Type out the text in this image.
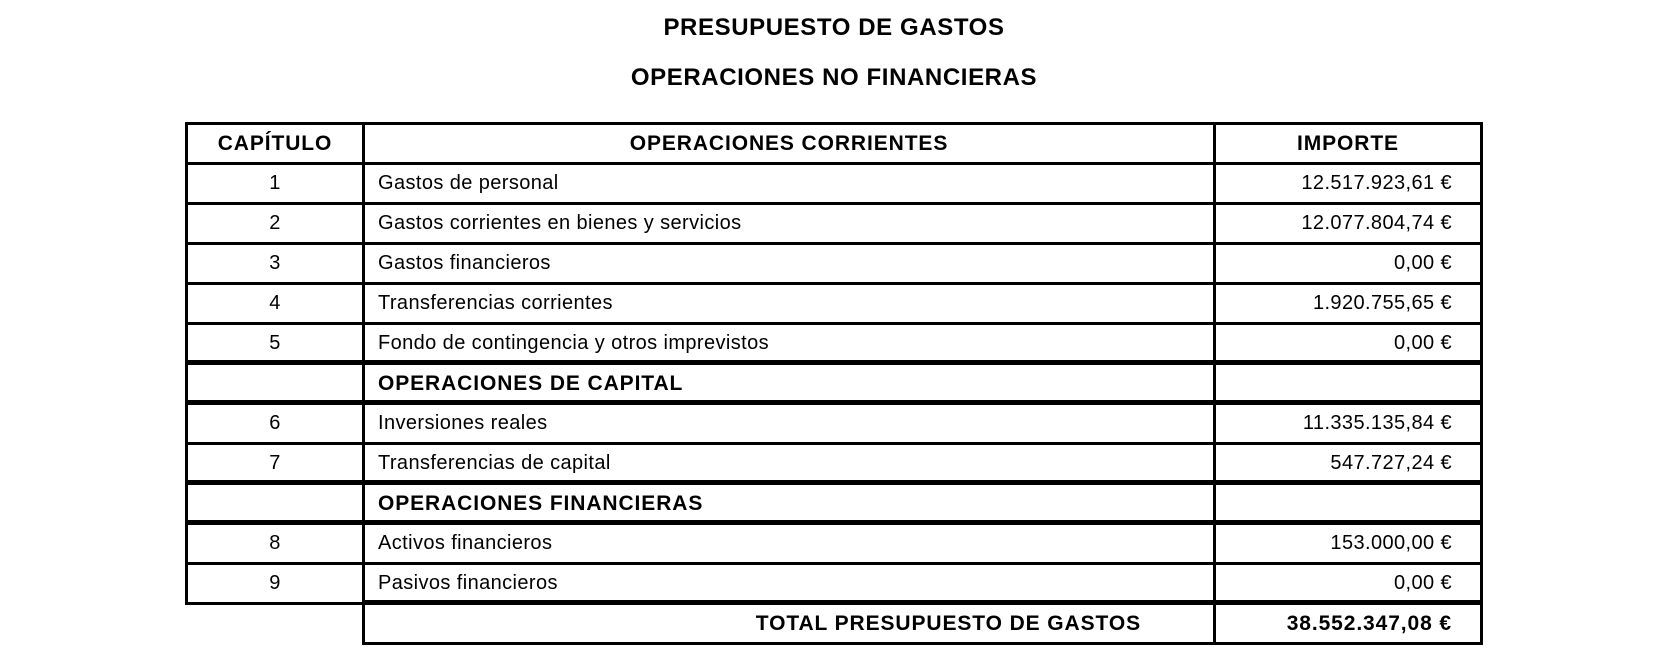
PRESUPUESTO DE GASTOS
OPERACIONES NO FINANCIERAS
CAPÍTULO	OPERACIONES CORRIENTES	IMPORTE
1	Gastos de personal	12.517.923,61 €
2	Gastos corrientes en bienes y servicios	12.077.804,74 €
3	Gastos financieros	0,00 €
4	Transferencias corrientes	1.920.755,65 €
5	Fondo de contingencia y otros imprevistos	0,00 €
OPERACIONES DE CAPITAL
6	Inversiones reales	11.335.135,84 €
7	Transferencias de capital	547.727,24 €
OPERACIONES FINANCIERAS
8	Activos financieros	153.000,00 €
9	Pasivos financieros	0,00 €
TOTAL PRESUPUESTO DE GASTOS	38.552.347,08 €
